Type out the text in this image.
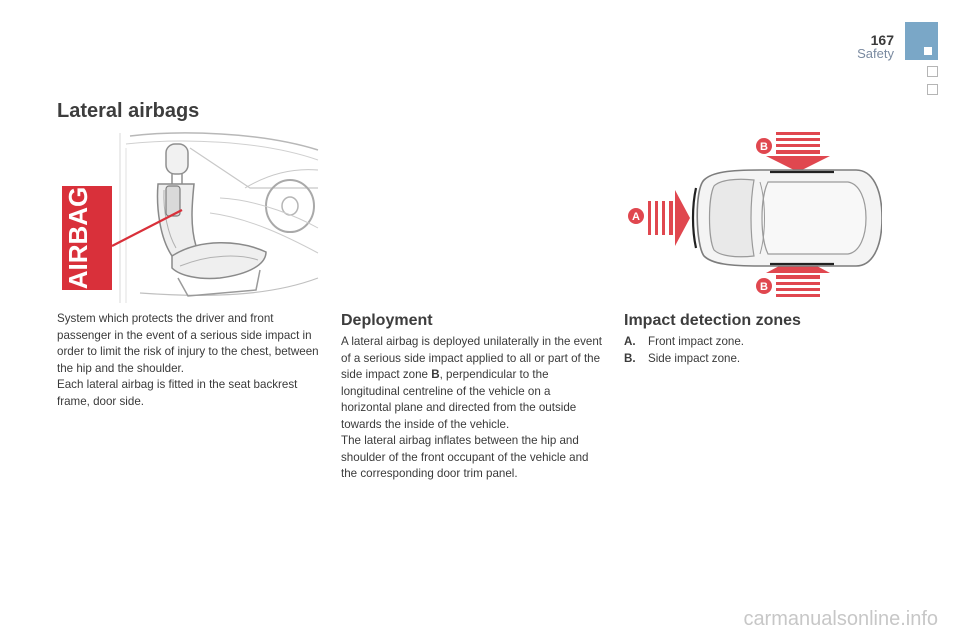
167
Safety
Lateral airbags
AIRBAG
B
B
A

System which protects the driver and front passenger in the event of a serious side impact in order to limit the risk of injury to the chest, between the hip and the shoulder.

Each lateral airbag is fitted in the seat backrest frame, door side.

Deployment

A lateral airbag is deployed unilaterally in the event of a serious side impact applied to all or part of the side impact zone B, perpendicular to the longitudinal centreline of the vehicle on a horizontal plane and directed from the outside towards the inside of the vehicle.

The lateral airbag inflates between the hip and shoulder of the front occupant of the vehicle and the corresponding door trim panel.

Impact detection zones
A.	Front impact zone.
B.	Side impact zone.
carmanualsonline.info
